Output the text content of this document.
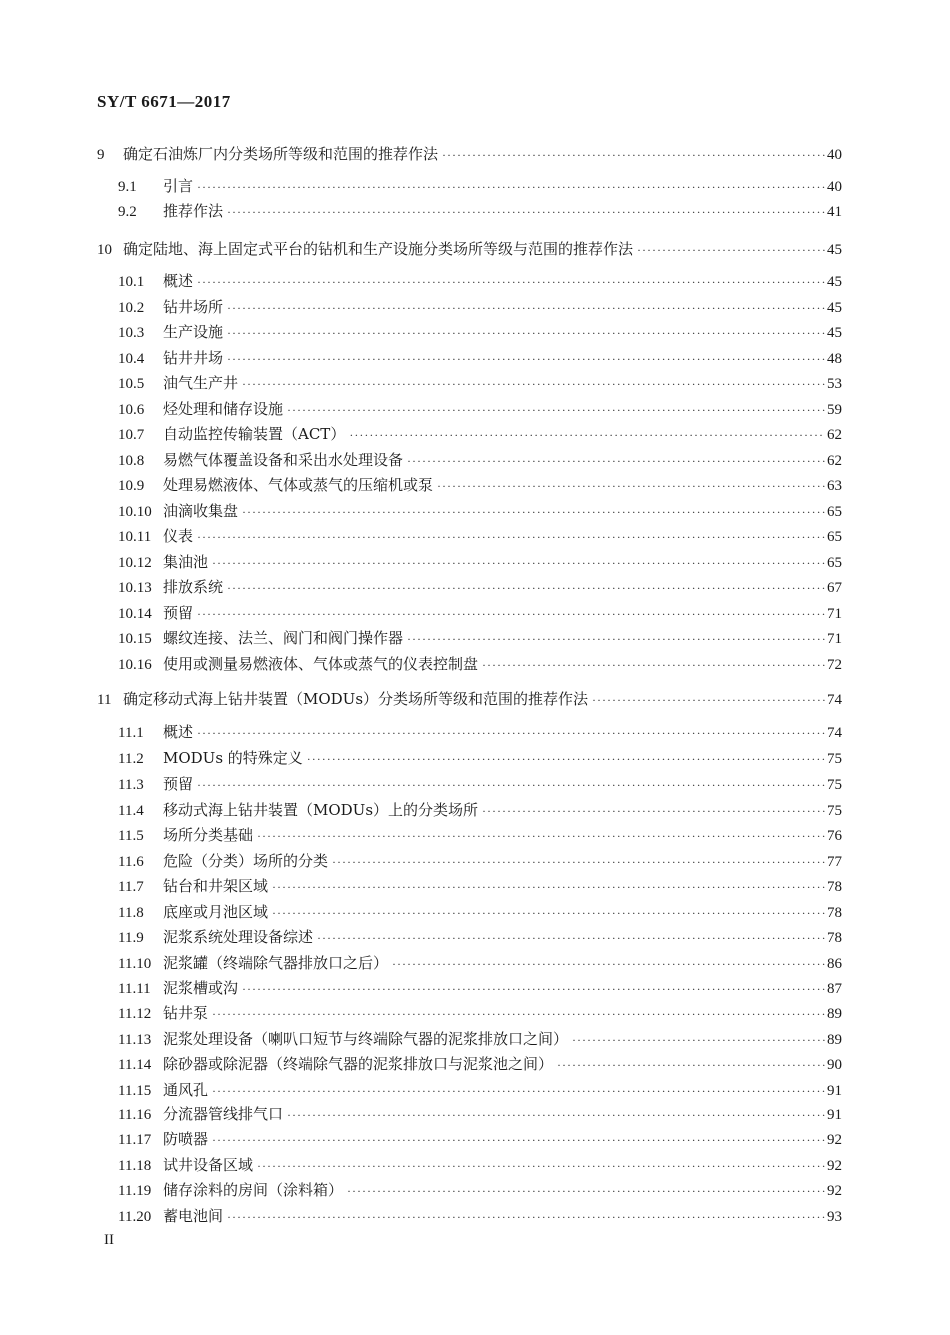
SY/T 6671—2017
9	确定石油炼厂内分类场所等级和范围的推荐作法 ·····	40
9.1	引言 ·····	40
9.2	推荐作法 ·····	41
10 确定陆地、海上固定式平台的钻机和生产设施分类场所等级与范围的推荐作法 ·····	45
10.1	概述 ·····	45
10.2	钻井场所 ·····	45
10.3	生产设施 ·····	45
10.4	钻井井场 ·····	48
10.5	油气生产井 ·····	53
10.6	烃处理和储存设施 ·····	59
10.7	自动监控传输装置（ACT） ·····	62
10.8	易燃气体覆盖设备和采出水处理设备 ·····	62
10.9	处理易燃液体、气体或蒸气的压缩机或泵 ·····	63
10.10 油滴收集盘 ·····	65
10.11 仪表 ·····	65
10.12 集油池 ·····	65
10.13 排放系统 ·····	67
10.14 预留 ·····	71
10.15 螺纹连接、法兰、阀门和阀门操作器 ·····	71
10.16 使用或测量易燃液体、气体或蒸气的仪表控制盘 ·····	72
11 确定移动式海上钻井装置（MODUs）分类场所等级和范围的推荐作法 ·····	74
11.1	概述 ·····	74
11.2	MODUs 的特殊定义 ·····	75
11.3	预留 ·····	75
11.4	移动式海上钻井装置（MODUs）上的分类场所 ·····	75
11.5	场所分类基础 ·····	76
11.6	危险（分类）场所的分类 ·····	77
11.7	钻台和井架区域 ·····	78
11.8	底座或月池区域 ·····	78
11.9	泥浆系统处理设备综述 ·····	78
11.10 泥浆罐（终端除气器排放口之后） ·····	86
11.11 泥浆槽或沟 ·····	87
11.12 钻井泵 ·····	89
11.13 泥浆处理设备（喇叭口短节与终端除气器的泥浆排放口之间） ·····	89
11.14 除砂器或除泥器（终端除气器的泥浆排放口与泥浆池之间） ·····	90
11.15 通风孔 ·····	91
11.16 分流器管线排气口 ·····	91
11.17 防喷器 ·····	92
11.18 试井设备区域 ·····	92
11.19 储存涂料的房间（涂料箱） ·····	92
11.20 蓄电池间 ·····	93
II
